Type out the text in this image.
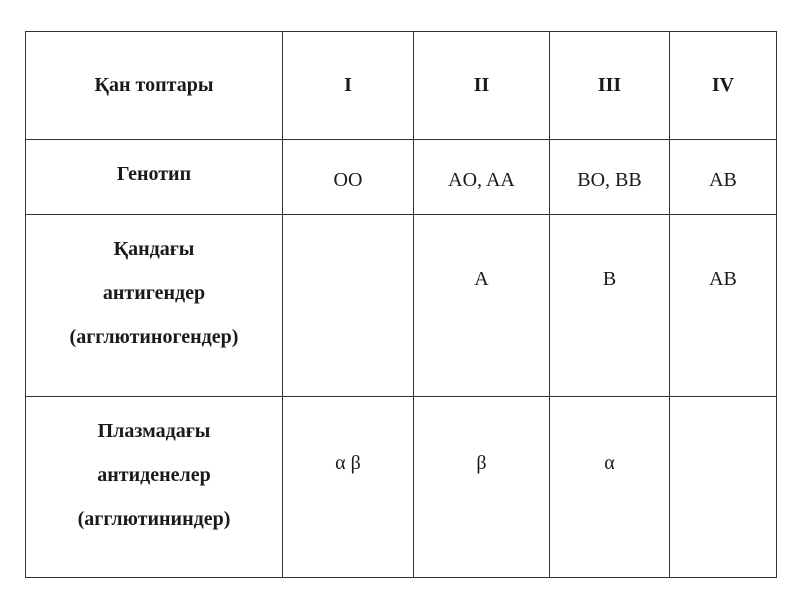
Қан топтары	I	II	III	IV

Генотип	OO	AO, AA	BO, BB	AB

Қандағы
антигендер
(агглютиногендер)		A	B	AB

Плазмадағы
антиденелер
(агглютининдер)	α β	β	α	
